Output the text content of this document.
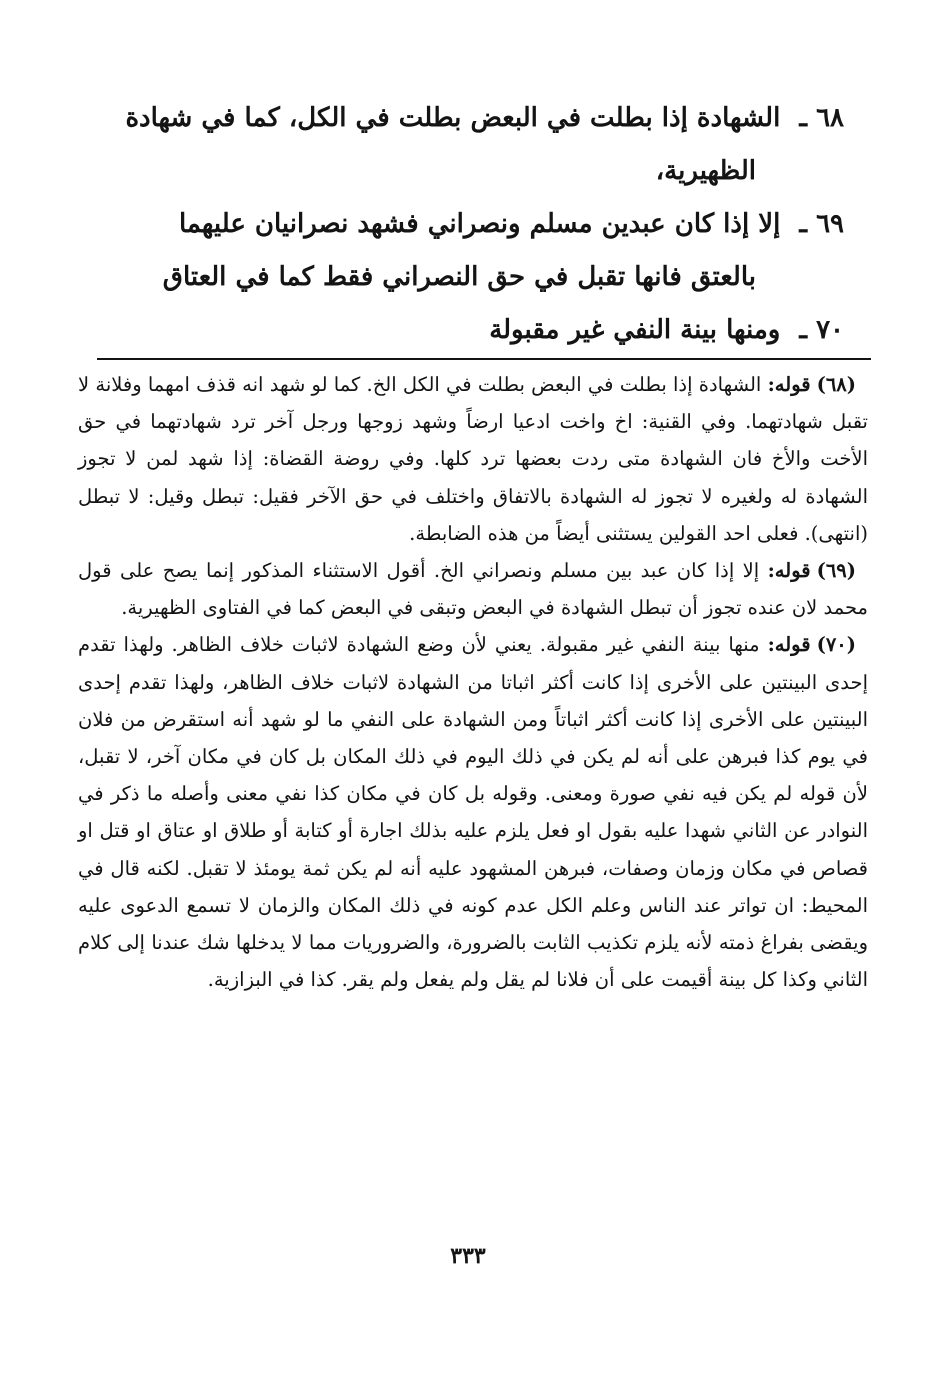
٦٨ ـ الشهادة إذا بطلت في البعض بطلت في الكل، كما في شهادة
الظهيرية،
٦٩ ـ إلا إذا كان عبدين مسلم ونصراني فشهد نصرانيان عليهما
بالعتق فانها تقبل في حق النصراني فقط كما في العتاق
٧٠ ـ ومنها بينة النفي غير مقبولة

(٦٨)قوله: الشهادة إذا بطلت في البعض بطلت في الكل الخ. كما لو شهد انه قذف امهما وفلانة لا تقبل شهادتهما. وفي القنية: اخ واخت ادعيا ارضاً وشهد زوجها ورجل آخر ترد شهادتهما في حق الأخت والأخ فان الشهادة متى ردت بعضها ترد كلها. وفي روضة القضاة: إذا شهد لمن لا تجوز الشهادة له ولغيره لا تجوز له الشهادة بالاتفاق واختلف في حق الآخر فقيل: تبطل وقيل: لا تبطل (انتهى). فعلى احد القولين يستثنى أيضاً من هذه الضابطة.

(٦٩)قوله: إلا إذا كان عبد بين مسلم ونصراني الخ. أقول الاستثناء المذكور إنما يصح على قول محمد لان عنده تجوز أن تبطل الشهادة في البعض وتبقى في البعض كما في الفتاوى الظهيرية.

(٧٠)قوله: منها بينة النفي غير مقبولة. يعني لأن وضع الشهادة لاثبات خلاف الظاهر. ولهذا تقدم إحدى البينتين على الأخرى إذا كانت أكثر اثباتا من الشهادة لاثبات خلاف الظاهر، ولهذا تقدم إحدى البينتين على الأخرى إذا كانت أكثر اثباتاً ومن الشهادة على النفي ما لو شهد أنه استقرض من فلان في يوم كذا فبرهن على أنه لم يكن في ذلك اليوم في ذلك المكان بل كان في مكان آخر، لا تقبل، لأن قوله لم يكن فيه نفي صورة ومعنى. وقوله بل كان في مكان كذا نفي معنى وأصله ما ذكر في النوادر عن الثاني شهدا عليه بقول او فعل يلزم عليه بذلك اجارة أو كتابة أو طلاق او عتاق او قتل او قصاص في مكان وزمان وصفات، فبرهن المشهود عليه أنه لم يكن ثمة يومئذ لا تقبل. لكنه قال في المحيط: ان تواتر عند الناس وعلم الكل عدم كونه في ذلك المكان والزمان لا تسمع الدعوى عليه ويقضى بفراغ ذمته لأنه يلزم تكذيب الثابت بالضرورة، والضروريات مما لا يدخلها شك عندنا إلى كلام الثاني وكذا كل بينة أقيمت على أن فلانا لم يقل ولم يفعل ولم يقر. كذا في البزازية.

٣٣٣
